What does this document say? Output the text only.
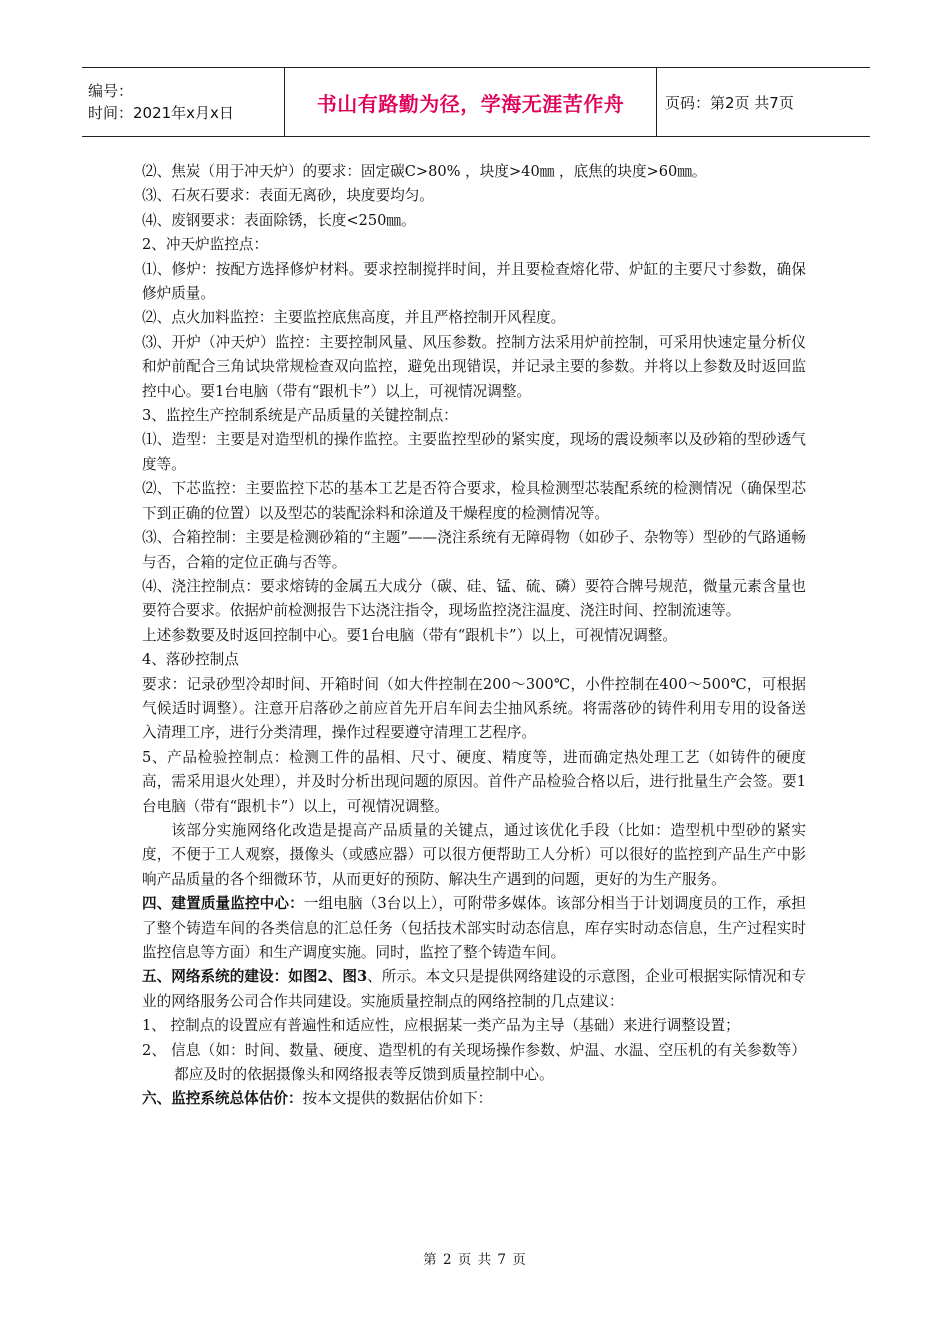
编号：
时间：2021年x月x日	书山有路勤为径，学海无涯苦作舟	页码：第2页 共7页

⑵、焦炭（用于冲天炉）的要求：固定碳C>80% ，块度>40㎜ ，底焦的块度>60㎜。

⑶、石灰石要求：表面无离砂，块度要均匀。

⑷、废钢要求：表面除锈，长度<250㎜。

2、冲天炉监控点：

⑴、修炉：按配方选择修炉材料。要求控制搅拌时间，并且要检查熔化带、炉缸的主要尺寸参数，确保修炉质量。

⑵、点火加料监控：主要监控底焦高度，并且严格控制开风程度。

⑶、开炉（冲天炉）监控：主要控制风量、风压参数。控制方法采用炉前控制，可采用快速定量分析仪和炉前配合三角试块常规检查双向监控，避免出现错误，并记录主要的参数。并将以上参数及时返回监控中心。要1台电脑（带有“跟机卡”）以上，可视情况调整。

3、监控生产控制系统是产品质量的关键控制点：

⑴、造型：主要是对造型机的操作监控。主要监控型砂的紧实度，现场的震设频率以及砂箱的型砂透气度等。

⑵、下芯监控：主要监控下芯的基本工艺是否符合要求，检具检测型芯装配系统的检测情况（确保型芯下到正确的位置）以及型芯的装配涂料和涂道及干燥程度的检测情况等。

⑶、合箱控制：主要是检测砂箱的“主题”——浇注系统有无障碍物（如砂子、杂物等）型砂的气路通畅与否，合箱的定位正确与否等。

⑷、浇注控制点：要求熔铸的金属五大成分（碳、硅、锰、硫、磷）要符合牌号规范，微量元素含量也要符合要求。依据炉前检测报告下达浇注指令，现场监控浇注温度、浇注时间、控制流速等。

上述参数要及时返回控制中心。要1台电脑（带有“跟机卡”）以上，可视情况调整。

4、落砂控制点

要求：记录砂型冷却时间、开箱时间（如大件控制在200～300℃，小件控制在400～500℃，可根据气候适时调整）。注意开启落砂之前应首先开启车间去尘抽风系统。将需落砂的铸件利用专用的设备送入清理工序，进行分类清理，操作过程要遵守清理工艺程序。

5、产品检验控制点：检测工件的晶相、尺寸、硬度、精度等，进而确定热处理工艺（如铸件的硬度高，需采用退火处理），并及时分析出现问题的原因。首件产品检验合格以后，进行批量生产会签。要1台电脑（带有“跟机卡”）以上，可视情况调整。

该部分实施网络化改造是提高产品质量的关键点，通过该优化手段（比如：造型机中型砂的紧实度，不便于工人观察，摄像头（或感应器）可以很方便帮助工人分析）可以很好的监控到产品生产中影响产品质量的各个细微环节，从而更好的预防、解决生产遇到的问题，更好的为生产服务。

四、建置质量监控中心：一组电脑（3台以上），可附带多媒体。该部分相当于计划调度员的工作，承担了整个铸造车间的各类信息的汇总任务（包括技术部实时动态信息，库存实时动态信息，生产过程实时监控信息等方面）和生产调度实施。同时，监控了整个铸造车间。

五、网络系统的建设：如图2、图3、所示。本文只是提供网络建设的示意图，企业可根据实际情况和专业的网络服务公司合作共同建设。实施质量控制点的网络控制的几点建议：

1、 控制点的设置应有普遍性和适应性，应根据某一类产品为主导（基础）来进行调整设置；

2、 信息（如：时间、数量、硬度、造型机的有关现场操作参数、炉温、水温、空压机的有关参数等）都应及时的依据摄像头和网络报表等反馈到质量控制中心。

六、监控系统总体估价：按本文提供的数据估价如下：

第 2 页 共 7 页
